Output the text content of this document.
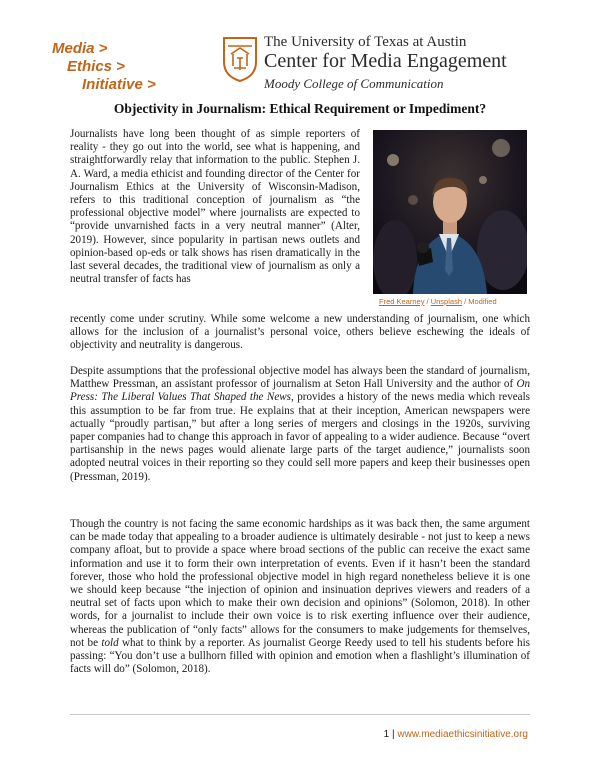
Media >
Ethics >
Initiative >
The University of Texas at Austin
Center for Media Engagement
Moody College of Communication
Objectivity in Journalism: Ethical Requirement or Impediment?
Fred Kearney / Unsplash / Modified
Journalists have long been thought of as simple reporters of reality - they go out into the world, see what is happening, and straightforwardly relay that information to the public. Stephen J. A. Ward, a media ethicist and founding director of the Center for Journalism Ethics at the University of Wisconsin-Madison, refers to this traditional conception of journalism as “the professional objective model” where journalists are expected to “provide unvarnished facts in a very neutral manner” (Alter, 2019). However, since popularity in partisan news outlets and opinion-based op-eds or talk shows has risen dramatically in the last several decades, the traditional view of journalism as only a neutral transfer of facts has
recently come under scrutiny. While some welcome a new understanding of journalism, one which allows for the inclusion of a journalist’s personal voice, others believe eschewing the ideals of objectivity and neutrality is dangerous.
Despite assumptions that the professional objective model has always been the standard of journalism, Matthew Pressman, an assistant professor of journalism at Seton Hall University and the author of On Press: The Liberal Values That Shaped the News, provides a history of the news media which reveals this assumption to be far from true. He explains that at their inception, American newspapers were actually “proudly partisan,” but after a long series of mergers and closings in the 1920s, surviving paper companies had to change this approach in favor of appealing to a wider audience. Because “overt partisanship in the news pages would alienate large parts of the target audience,” journalists soon adopted neutral voices in their reporting so they could sell more papers and keep their businesses open (Pressman, 2019).
Though the country is not facing the same economic hardships as it was back then, the same argument can be made today that appealing to a broader audience is ultimately desirable - not just to keep a news company afloat, but to provide a space where broad sections of the public can receive the exact same information and use it to form their own interpretation of events. Even if it hasn’t been the standard forever, those who hold the professional objective model in high regard nonetheless believe it is one we should keep because “the injection of opinion and insinuation deprives viewers and readers of a neutral set of facts upon which to make their own decision and opinions” (Solomon, 2018). In other words, for a journalist to include their own voice is to risk exerting influence over their audience, whereas the publication of “only facts” allows for the consumers to make judgements for themselves, not be told what to think by a reporter. As journalist George Reedy used to tell his students before his passing: “You don’t use a bullhorn filled with opinion and emotion when a flashlight’s illumination of facts will do” (Solomon, 2018).
1 | www.mediaethicsinitiative.org
